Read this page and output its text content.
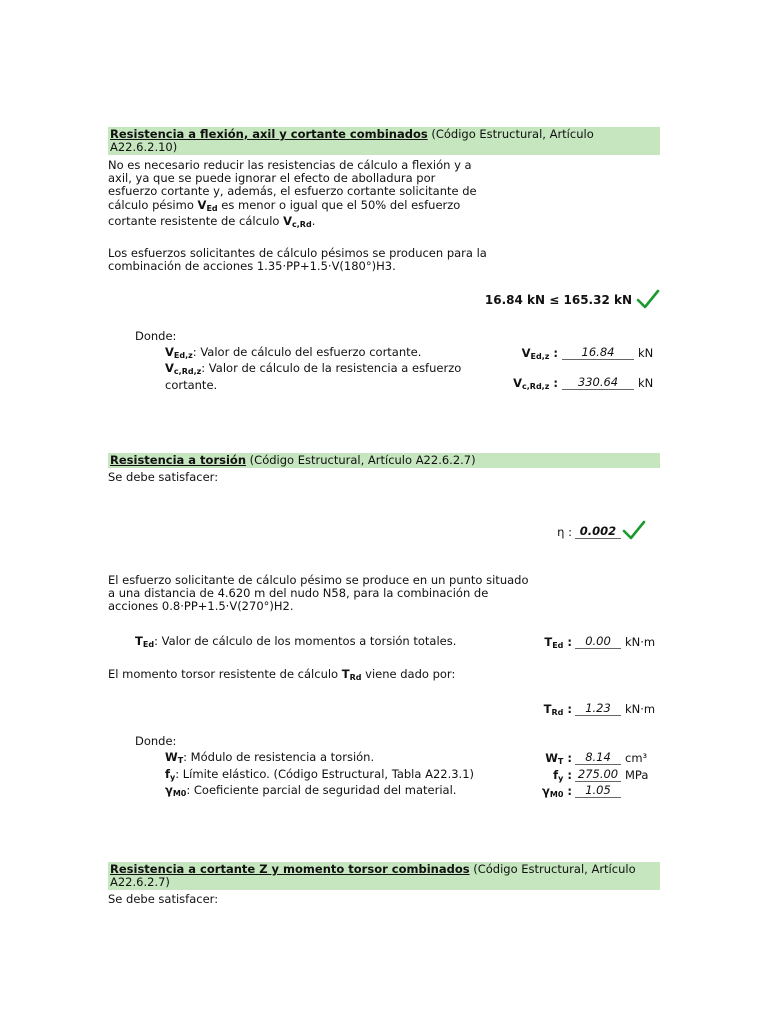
Resistencia a flexión, axil y cortante combinados (Código Estructural, Artículo A22.6.2.10)
No es necesario reducir las resistencias de cálculo a flexión y a axil, ya que se puede ignorar el efecto de abolladura por esfuerzo cortante y, además, el esfuerzo cortante solicitante de cálculo pésimo $V_{Ed}$ es menor o igual que el 50% del esfuerzo cortante resistente de cálculo $V_{c,Rd}$.
Los esfuerzos solicitantes de cálculo pésimos se producen para la combinación de acciones 1.35·PP+1.5·V(180°)H3.
16.84 kN ≤ 165.32 kN
Donde:
$V_{Ed,z}$: Valor de cálculo del esfuerzo cortante.	$V_{Ed,z}$ :	16.84	kN
$V_{c,Rd,z}$: Valor de cálculo de la resistencia a esfuerzo cortante.	$V_{c,Rd,z}$ :	330.64	kN
Resistencia a torsión (Código Estructural, Artículo A22.6.2.7)
Se debe satisfacer:
η : 0.002
El esfuerzo solicitante de cálculo pésimo se produce en un punto situado a una distancia de 4.620 m del nudo N58, para la combinación de acciones 0.8·PP+1.5·V(270°)H2.
$T_{Ed}$: Valor de cálculo de los momentos a torsión totales.	$T_{Ed}$ :	0.00	kN·m
El momento torsor resistente de cálculo $T_{Rd}$ viene dado por:
$T_{Rd}$ :	1.23	kN·m
Donde:
$W_T$: Módulo de resistencia a torsión.	$W_T$ :	8.14	cm³
$f_y$: Límite elástico. (Código Estructural, Tabla A22.3.1)	$f_y$ : 275.00 MPa
$\gamma_{M0}$: Coeficiente parcial de seguridad del material.	$\gamma_{M0}$ :	1.05
Resistencia a cortante Z y momento torsor combinados (Código Estructural, Artículo A22.6.2.7)
Se debe satisfacer:
